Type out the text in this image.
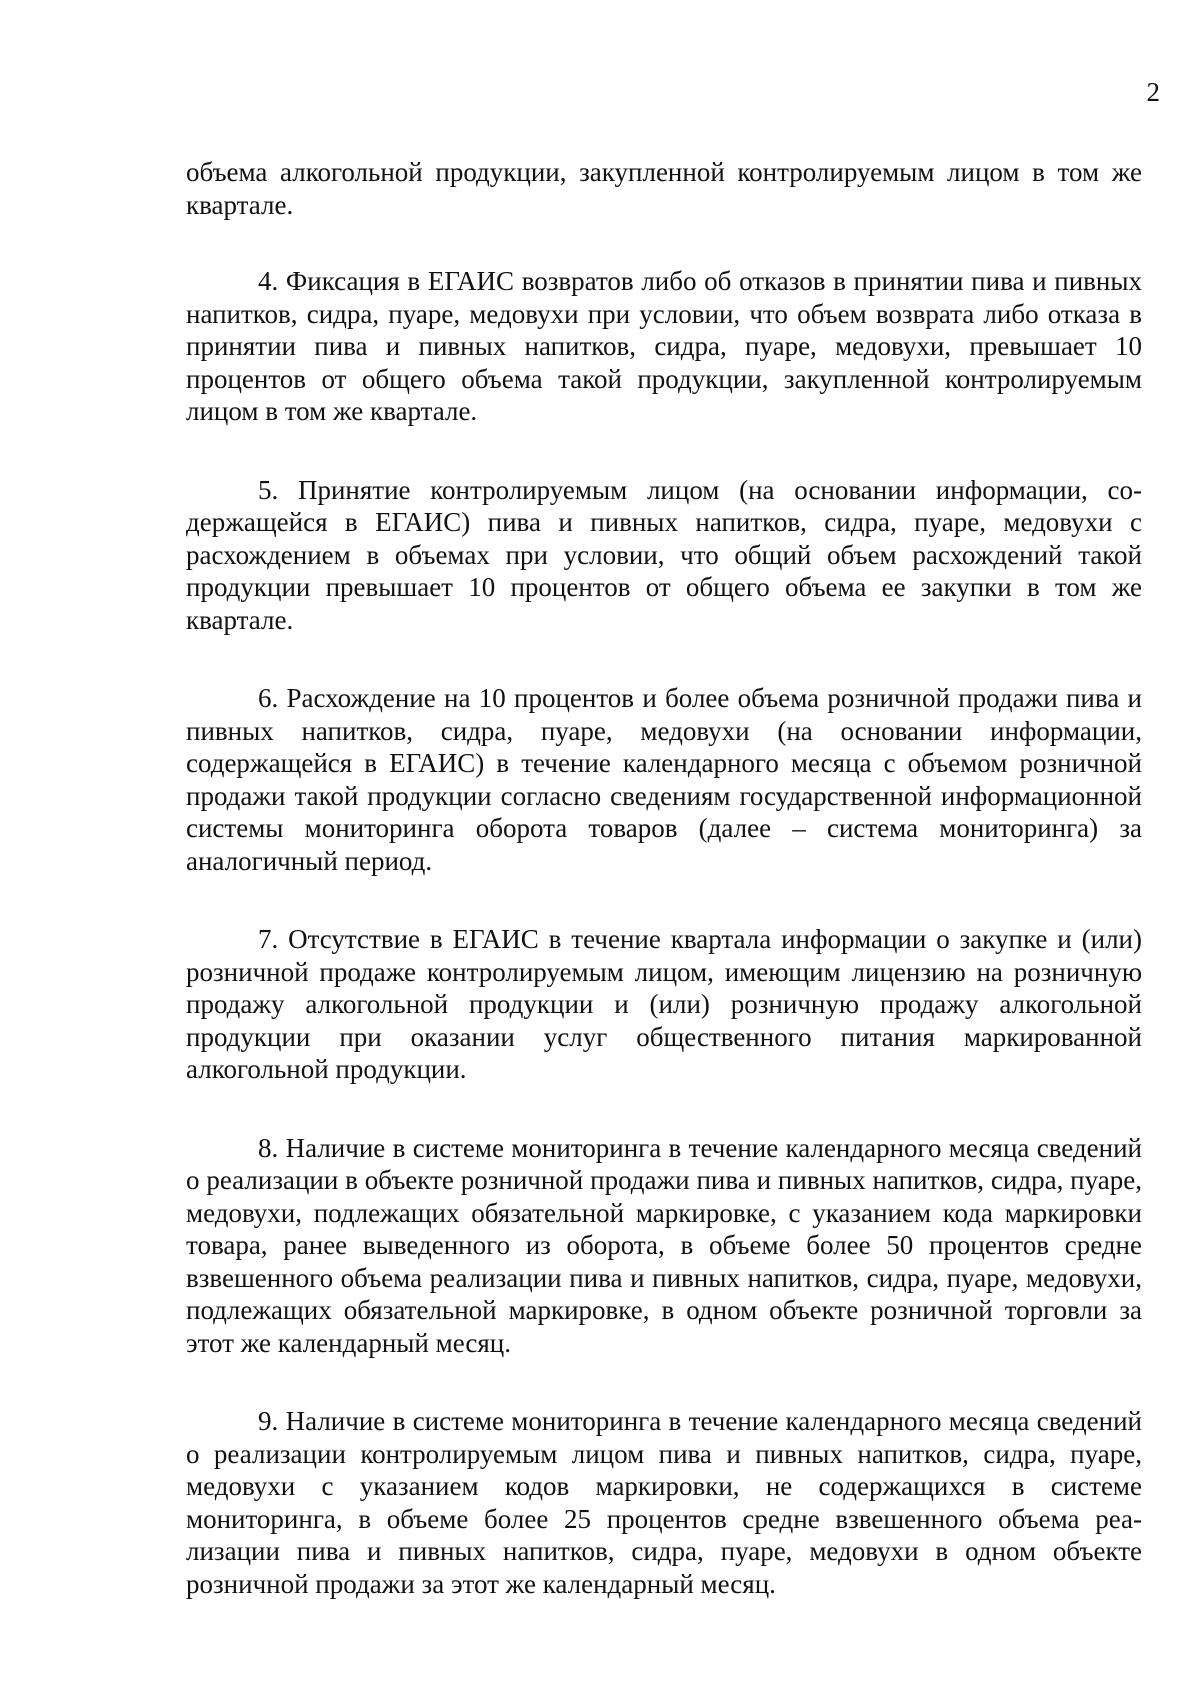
2

объема алкогольной продукции, закупленной контролируемым лицом в том же квартале.

4. Фиксация в ЕГАИС возвратов либо об отказов в принятии пива и пивных напитков, сидра, пуаре, медовухи при условии, что объем возврата либо отказа в принятии пива и пивных напитков, сидра, пуаре, медовухи, превышает 10 процентов от общего объема такой продукции, закупленной контролируемым лицом в том же квартале.

5. Принятие контролируемым лицом (на основании информации, содержащейся в ЕГАИС) пива и пивных напитков, сидра, пуаре, медовухи с расхождением в объемах при условии, что общий объем расхождений такой продукции превышает 10 процентов от общего объема ее закупки в том же квартале.

6. Расхождение на 10 процентов и более объема розничной продажи пива и пивных напитков, сидра, пуаре, медовухи (на основании информации, содержащейся в ЕГАИС) в течение календарного месяца с объемом розничной продажи такой продукции согласно сведениям государственной информационной системы мониторинга оборота товаров (далее – система мониторинга) за аналогичный период.

7. Отсутствие в ЕГАИС в течение квартала информации о закупке и (или) розничной продаже контролируемым лицом, имеющим лицензию на розничную продажу алкогольной продукции и (или) розничную продажу алкогольной продукции при оказании услуг общественного питания маркированной алкогольной продукции.

8. Наличие в системе мониторинга в течение календарного месяца сведений о реализации в объекте розничной продажи пива и пивных напитков, сидра, пуаре, медовухи, подлежащих обязательной маркировке, с указанием кода маркировки товара, ранее выведенного из оборота, в объеме более 50 процентов средне взвешенного объема реализации пива и пивных напитков, сидра, пуаре, медовухи, подлежащих обязательной маркировке, в одном объекте розничной торговли за этот же календарный месяц.

9. Наличие в системе мониторинга в течение календарного месяца сведений о реализации контролируемым лицом пива и пивных напитков, сидра, пуаре, медовухи с указанием кодов маркировки, не содержащихся в системе мониторинга, в объеме более 25 процентов средне взвешенного объема реализации пива и пивных напитков, сидра, пуаре, медовухи в одном объекте розничной продажи за этот же календарный месяц.
